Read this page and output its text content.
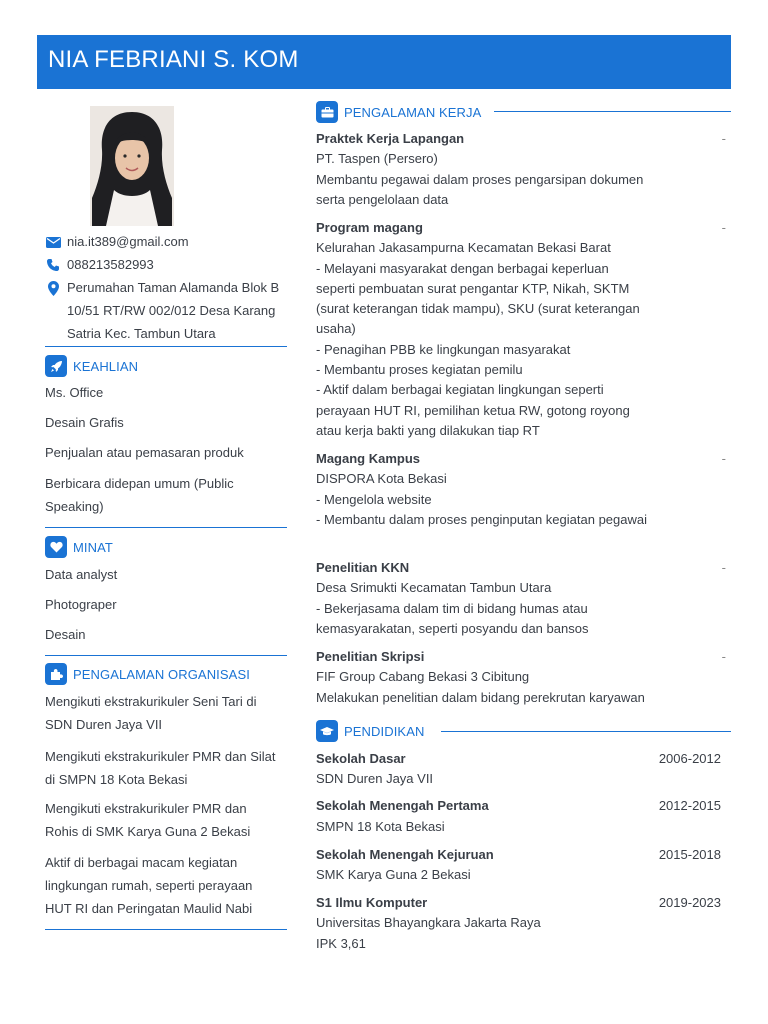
NIA FEBRIANI S. KOM
nia.it389@gmail.com
088213582993
Perumahan Taman Alamanda Blok B
10/51 RT/RW 002/012 Desa Karang
Satria Kec. Tambun Utara
KEAHLIAN
Ms. Office
Desain Grafis
Penjualan atau pemasaran produk
Berbicara didepan umum (Public
Speaking)
MINAT
Data analyst
Photograper
Desain
PENGALAMAN ORGANISASI
Mengikuti ekstrakurikuler Seni Tari di
SDN Duren Jaya VII
Mengikuti ekstrakurikuler PMR dan Silat
di SMPN 18 Kota Bekasi
Mengikuti ekstrakurikuler PMR dan
Rohis di SMK Karya Guna 2 Bekasi
Aktif di berbagai macam kegiatan
lingkungan rumah, seperti perayaan
HUT RI dan Peringatan Maulid Nabi
PENGALAMAN KERJA
-
Praktek Kerja Lapangan
PT. Taspen (Persero)
Membantu pegawai dalam proses pengarsipan dokumen
serta pengelolaan data
-
Program magang
Kelurahan Jakasampurna Kecamatan Bekasi Barat
- Melayani masyarakat dengan berbagai keperluan
seperti pembuatan surat pengantar KTP, Nikah, SKTM
(surat keterangan tidak mampu), SKU (surat keterangan
usaha)
- Penagihan PBB ke lingkungan masyarakat
- Membantu proses kegiatan pemilu
- Aktif dalam berbagai kegiatan lingkungan seperti
perayaan HUT RI, pemilihan ketua RW, gotong royong
atau kerja bakti yang dilakukan tiap RT
-
Magang Kampus
DISPORA Kota Bekasi
- Mengelola website
- Membantu dalam proses penginputan kegiatan pegawai
-
Penelitian KKN
Desa Srimukti Kecamatan Tambun Utara
- Bekerjasama dalam tim di bidang humas atau
kemasyarakatan, seperti posyandu dan bansos
-
Penelitian Skripsi
FIF Group Cabang Bekasi 3 Cibitung
Melakukan penelitian dalam bidang perekrutan karyawan
PENDIDIKAN
2006-2012
Sekolah Dasar
SDN Duren Jaya VII
2012-2015
Sekolah Menengah Pertama
SMPN 18 Kota Bekasi
2015-2018
Sekolah Menengah Kejuruan
SMK Karya Guna 2 Bekasi
2019-2023
S1 Ilmu Komputer
Universitas Bhayangkara Jakarta Raya
IPK 3,61
